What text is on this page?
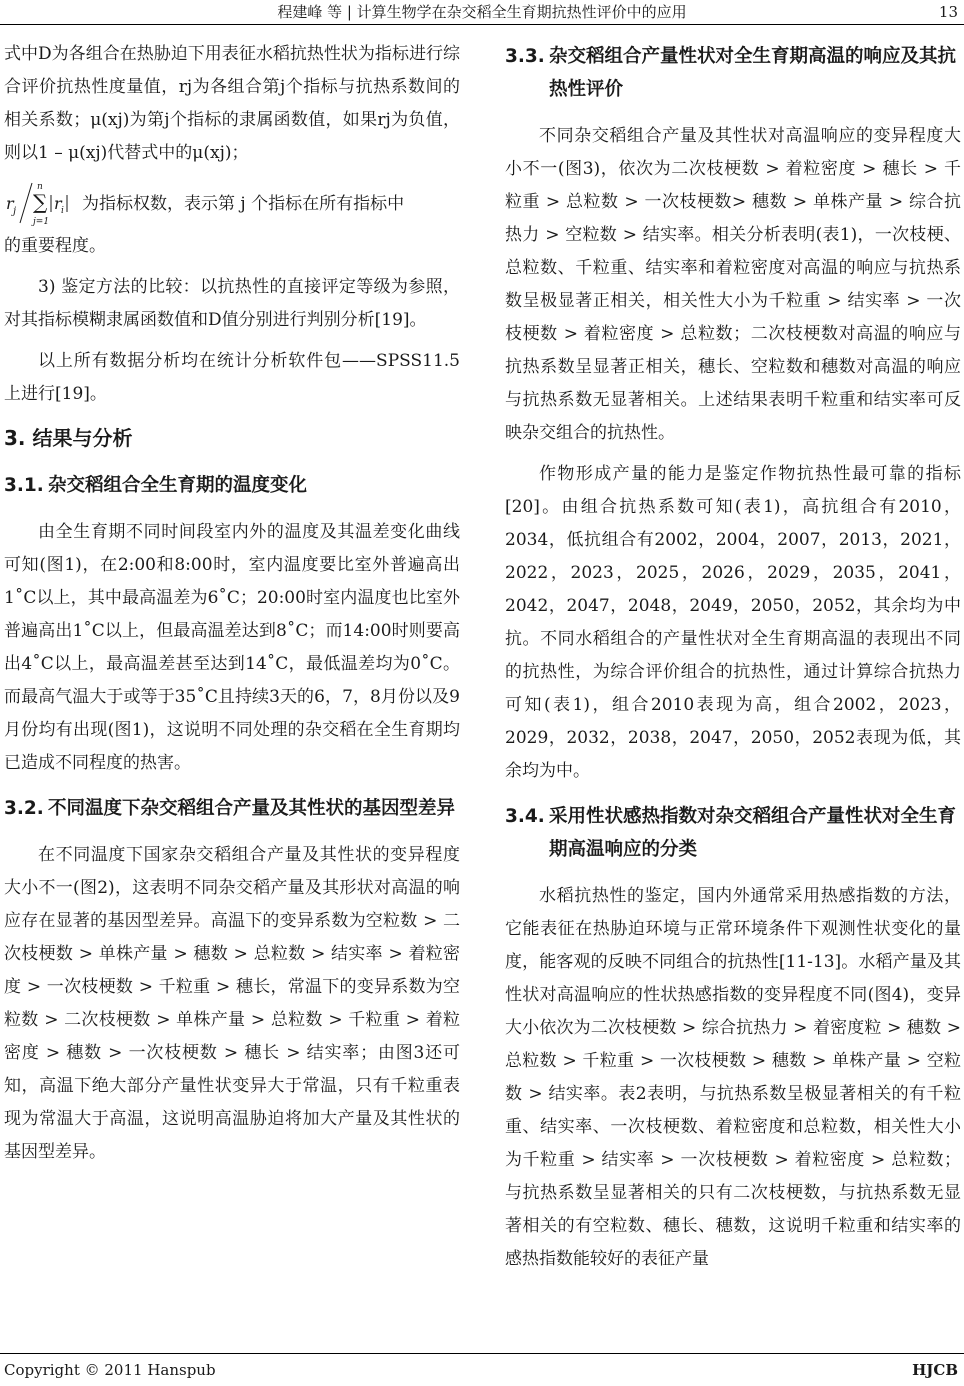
程建峰 等 | 计算生物学在杂交稻全生育期抗热性评价中的应用	13

式中D为各组合在热胁迫下用表征水稻抗热性状为指标进行综合评价抗热性度量值，rj为各组合第j个指标与抗热系数间的相关系数；μ(xj)为第j个指标的隶属函数值，如果rj为负值，则以1 – μ(xj)代替式中的μ(xj)；

r j
n
∑
j=1
r i 为指标权数，表示第 j 个指标在所有指标中

的重要程度。

3) 鉴定方法的比较：以抗热性的直接评定等级为参照，对其指标模糊隶属函数值和D值分别进行判别分析[19]。

以上所有数据分析均在统计分析软件包——SPSS11.5上进行[19]。

3. 结果与分析
3.1. 杂交稻组合全生育期的温度变化

由全生育期不同时间段室内外的温度及其温差变化曲线可知(图1)，在2:00和8:00时，室内温度要比室外普遍高出1˚C以上，其中最高温差为6˚C；20:00时室内温度也比室外普遍高出1˚C以上，但最高温差达到8˚C；而14:00时则要高出4˚C以上，最高温差甚至达到14˚C，最低温差均为0˚C。而最高气温大于或等于35˚C且持续3天的6，7，8月份以及9月份均有出现(图1)，这说明不同处理的杂交稻在全生育期均已造成不同程度的热害。

3.2. 不同温度下杂交稻组合产量及其性状的基因型差异

在不同温度下国家杂交稻组合产量及其性状的变异程度大小不一(图2)，这表明不同杂交稻产量及其形状对高温的响应存在显著的基因型差异。高温下的变异系数为空粒数 > 二次枝梗数 > 单株产量 > 穗数 > 总粒数 > 结实率 > 着粒密度 > 一次枝梗数 > 千粒重 > 穗长，常温下的变异系数为空粒数 > 二次枝梗数 > 单株产量 > 总粒数 > 千粒重 > 着粒密度 > 穗数 > 一次枝梗数 > 穗长 > 结实率；由图3还可知，高温下绝大部分产量性状变异大于常温，只有千粒重表现为常温大于高温，这说明高温胁迫将加大产量及其性状的基因型差异。

3.3. 杂交稻组合产量性状对全生育期高温的响应及其抗热性评价

不同杂交稻组合产量及其性状对高温响应的变异程度大小不一(图3)，依次为二次枝梗数 > 着粒密度 > 穗长 > 千粒重 > 总粒数 > 一次枝梗数> 穗数 > 单株产量 > 综合抗热力 > 空粒数 > 结实率。相关分析表明(表1)，一次枝梗、总粒数、千粒重、结实率和着粒密度对高温的响应与抗热系数呈极显著正相关，相关性大小为千粒重 > 结实率 > 一次枝梗数 > 着粒密度 > 总粒数；二次枝梗数对高温的响应与抗热系数呈显著正相关，穗长、空粒数和穗数对高温的响应与抗热系数无显著相关。上述结果表明千粒重和结实率可反映杂交组合的抗热性。

作物形成产量的能力是鉴定作物抗热性最可靠的指标[20]。由组合抗热系数可知(表1)，高抗组合有2010，2034，低抗组合有2002，2004，2007，2013，2021，2022，2023，2025，2026，2029，2035，2041，2042，2047，2048，2049，2050，2052，其余均为中抗。不同水稻组合的产量性状对全生育期高温的表现出不同的抗热性，为综合评价组合的抗热性，通过计算综合抗热力可知(表1)，组合2010表现为高，组合2002，2023，2029，2032，2038，2047，2050，2052表现为低，其余均为中。

3.4. 采用性状感热指数对杂交稻组合产量性状对全生育期高温响应的分类

水稻抗热性的鉴定，国内外通常采用热感指数的方法，它能表征在热胁迫环境与正常环境条件下观测性状变化的量度，能客观的反映不同组合的抗热性[11-13]。水稻产量及其性状对高温响应的性状热感指数的变异程度不同(图4)，变异大小依次为二次枝梗数 > 综合抗热力 > 着密度粒 > 穗数 > 总粒数 > 千粒重 > 一次枝梗数 > 穗数 > 单株产量 > 空粒数 > 结实率。表2表明，与抗热系数呈极显著相关的有千粒重、结实率、一次枝梗数、着粒密度和总粒数，相关性大小为千粒重 > 结实率 > 一次枝梗数 > 着粒密度 > 总粒数；与抗热系数呈显著相关的只有二次枝梗数，与抗热系数无显著相关的有空粒数、穗长、穗数，这说明千粒重和结实率的感热指数能较好的表征产量

Copyright © 2011 Hanspub	HJCB
